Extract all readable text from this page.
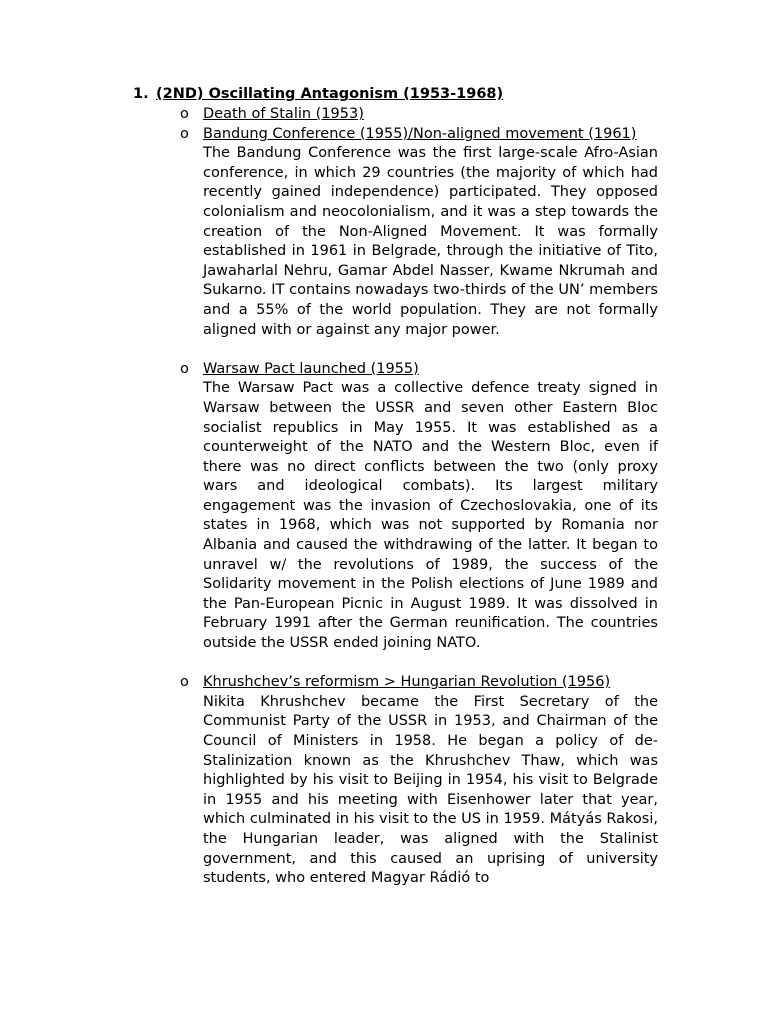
1. (2ND) Oscillating Antagonism (1953-1968)
o Death of Stalin (1953)
o Bandung Conference (1955)/Non-aligned movement (1961)
The Bandung Conference was the first large-scale Afro-Asian conference, in which 29 countries (the majority of which had recently gained independence) participated. They opposed colonialism and neocolonialism, and it was a step towards the creation of the Non-Aligned Movement. It was formally established in 1961 in Belgrade, through the initiative of Tito, Jawaharlal Nehru, Gamar Abdel Nasser, Kwame Nkrumah and Sukarno. IT contains nowadays two-thirds of the UN’ members and a 55% of the world population. They are not formally aligned with or against any major power.
o Warsaw Pact launched (1955)
The Warsaw Pact was a collective defence treaty signed in Warsaw between the USSR and seven other Eastern Bloc socialist republics in May 1955. It was established as a counterweight of the NATO and the Western Bloc, even if there was no direct conflicts between the two (only proxy wars and ideological combats). Its largest military engagement was the invasion of Czechoslovakia, one of its states in 1968, which was not supported by Romania nor Albania and caused the withdrawing of the latter. It began to unravel w/ the revolutions of 1989, the success of the Solidarity movement in the Polish elections of June 1989 and the Pan-European Picnic in August 1989. It was dissolved in February 1991 after the German reunification. The countries outside the USSR ended joining NATO.
o Khrushchev’s reformism > Hungarian Revolution (1956)
Nikita Khrushchev became the First Secretary of the Communist Party of the USSR in 1953, and Chairman of the Council of Ministers in 1958. He began a policy of de-Stalinization known as the Khrushchev Thaw, which was highlighted by his visit to Beijing in 1954, his visit to Belgrade in 1955 and his meeting with Eisenhower later that year, which culminated in his visit to the US in 1959. Mátyás Rakosi, the Hungarian leader, was aligned with the Stalinist government, and this caused an uprising of university students, who entered Magyar Rádió to
